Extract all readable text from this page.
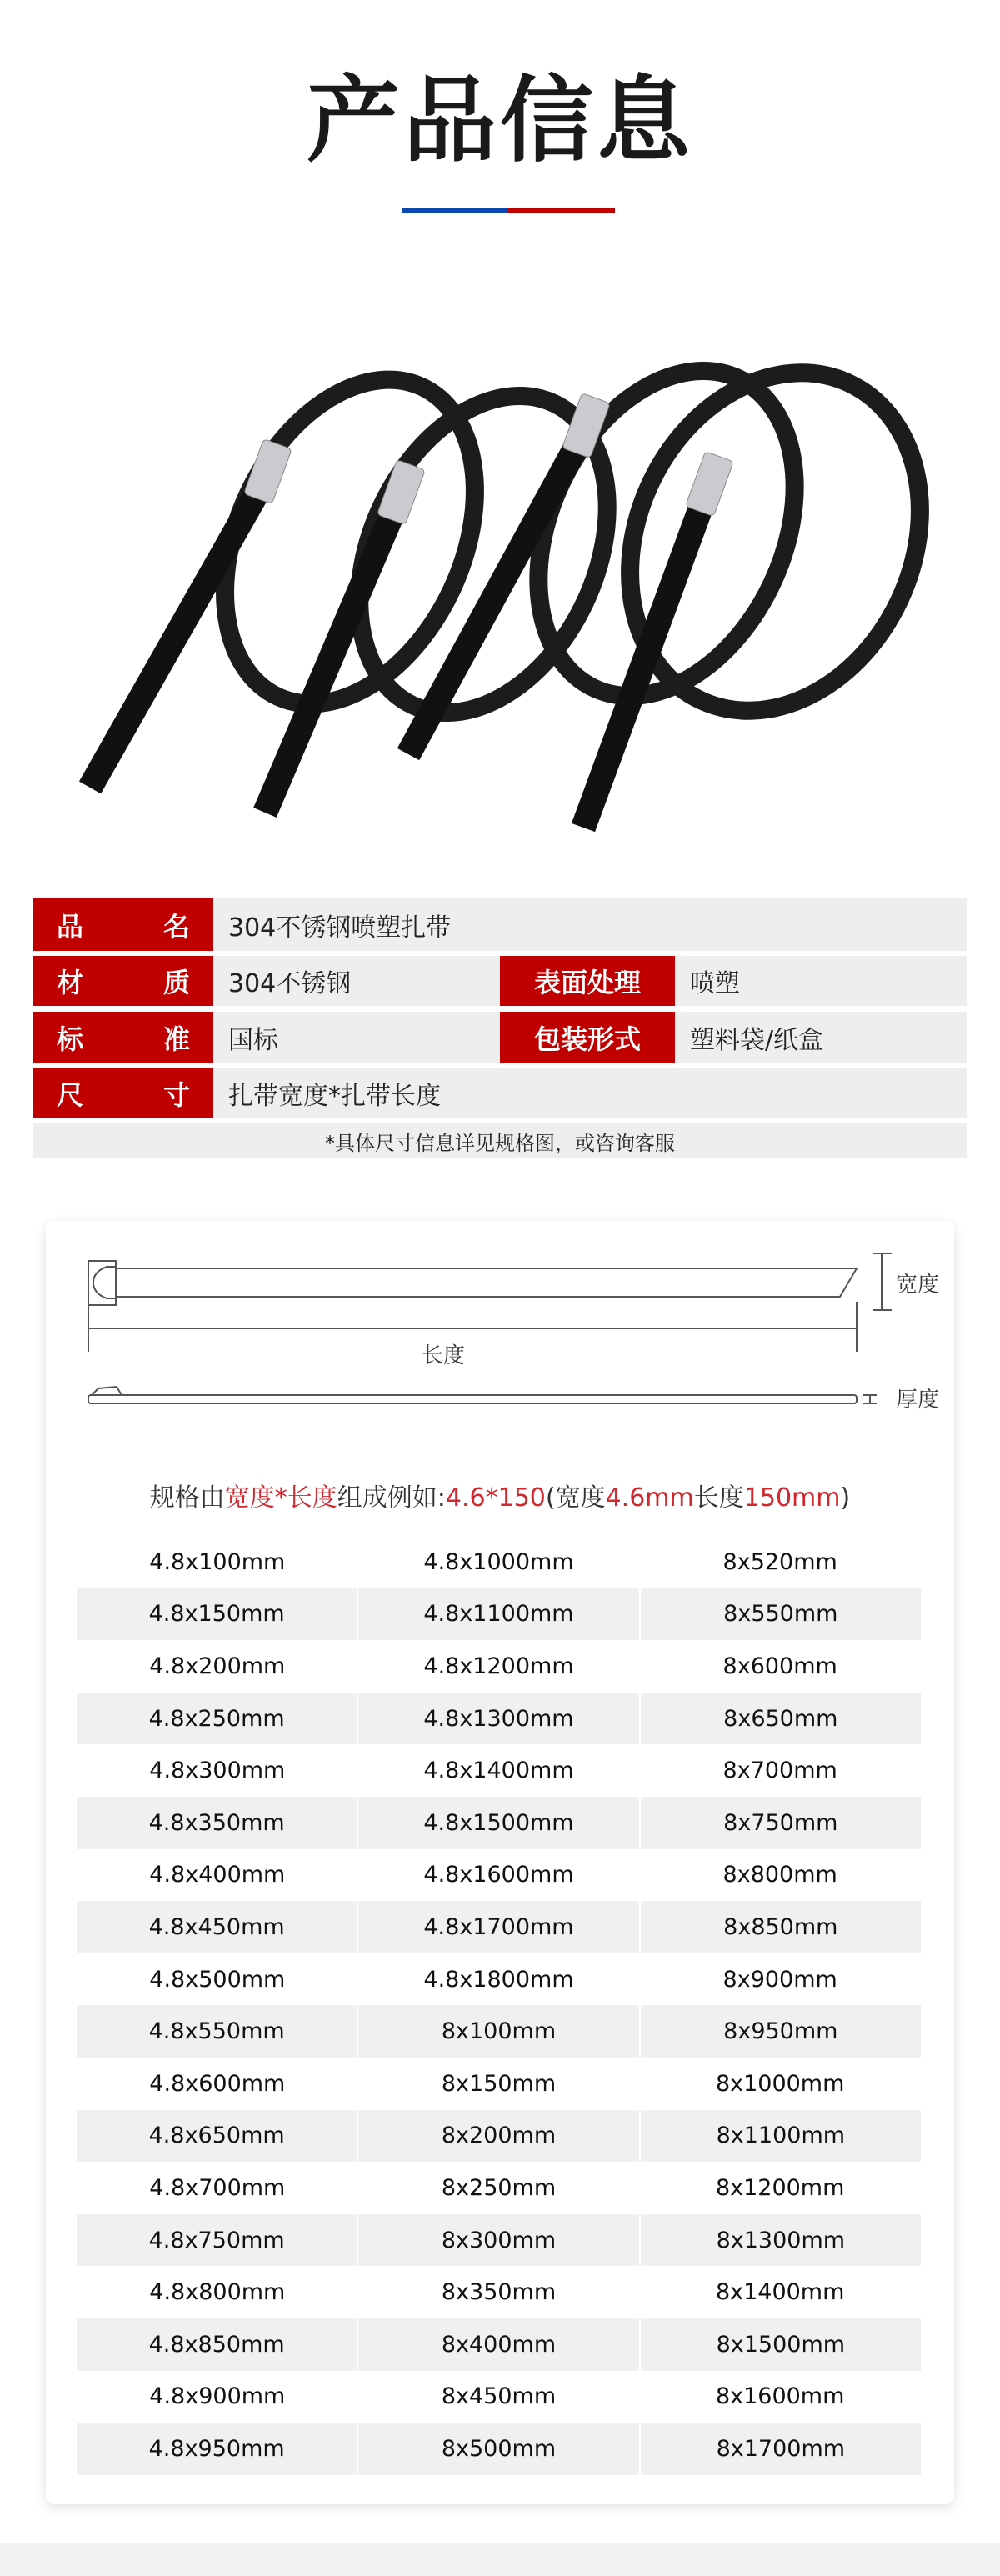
产品信息
品	名	304不锈钢喷塑扎带
材	质	304不锈钢	表面处理	喷塑
标	准	国标	包装形式	塑料袋/纸盒
尺	寸	扎带宽度*扎带长度
*具体尺寸信息详见规格图，或咨询客服
宽度
长度
厚度
规格由宽度*长度组成例如:4.6*150(宽度4.6mm长度150mm)
4.8x100mm	4.8x1000mm	8x520mm
4.8x150mm	4.8x1100mm	8x550mm
4.8x200mm	4.8x1200mm	8x600mm
4.8x250mm	4.8x1300mm	8x650mm
4.8x300mm	4.8x1400mm	8x700mm
4.8x350mm	4.8x1500mm	8x750mm
4.8x400mm	4.8x1600mm	8x800mm
4.8x450mm	4.8x1700mm	8x850mm
4.8x500mm	4.8x1800mm	8x900mm
4.8x550mm	8x100mm	8x950mm
4.8x600mm	8x150mm	8x1000mm
4.8x650mm	8x200mm	8x1100mm
4.8x700mm	8x250mm	8x1200mm
4.8x750mm	8x300mm	8x1300mm
4.8x800mm	8x350mm	8x1400mm
4.8x850mm	8x400mm	8x1500mm
4.8x900mm	8x450mm	8x1600mm
4.8x950mm	8x500mm	8x1700mm
